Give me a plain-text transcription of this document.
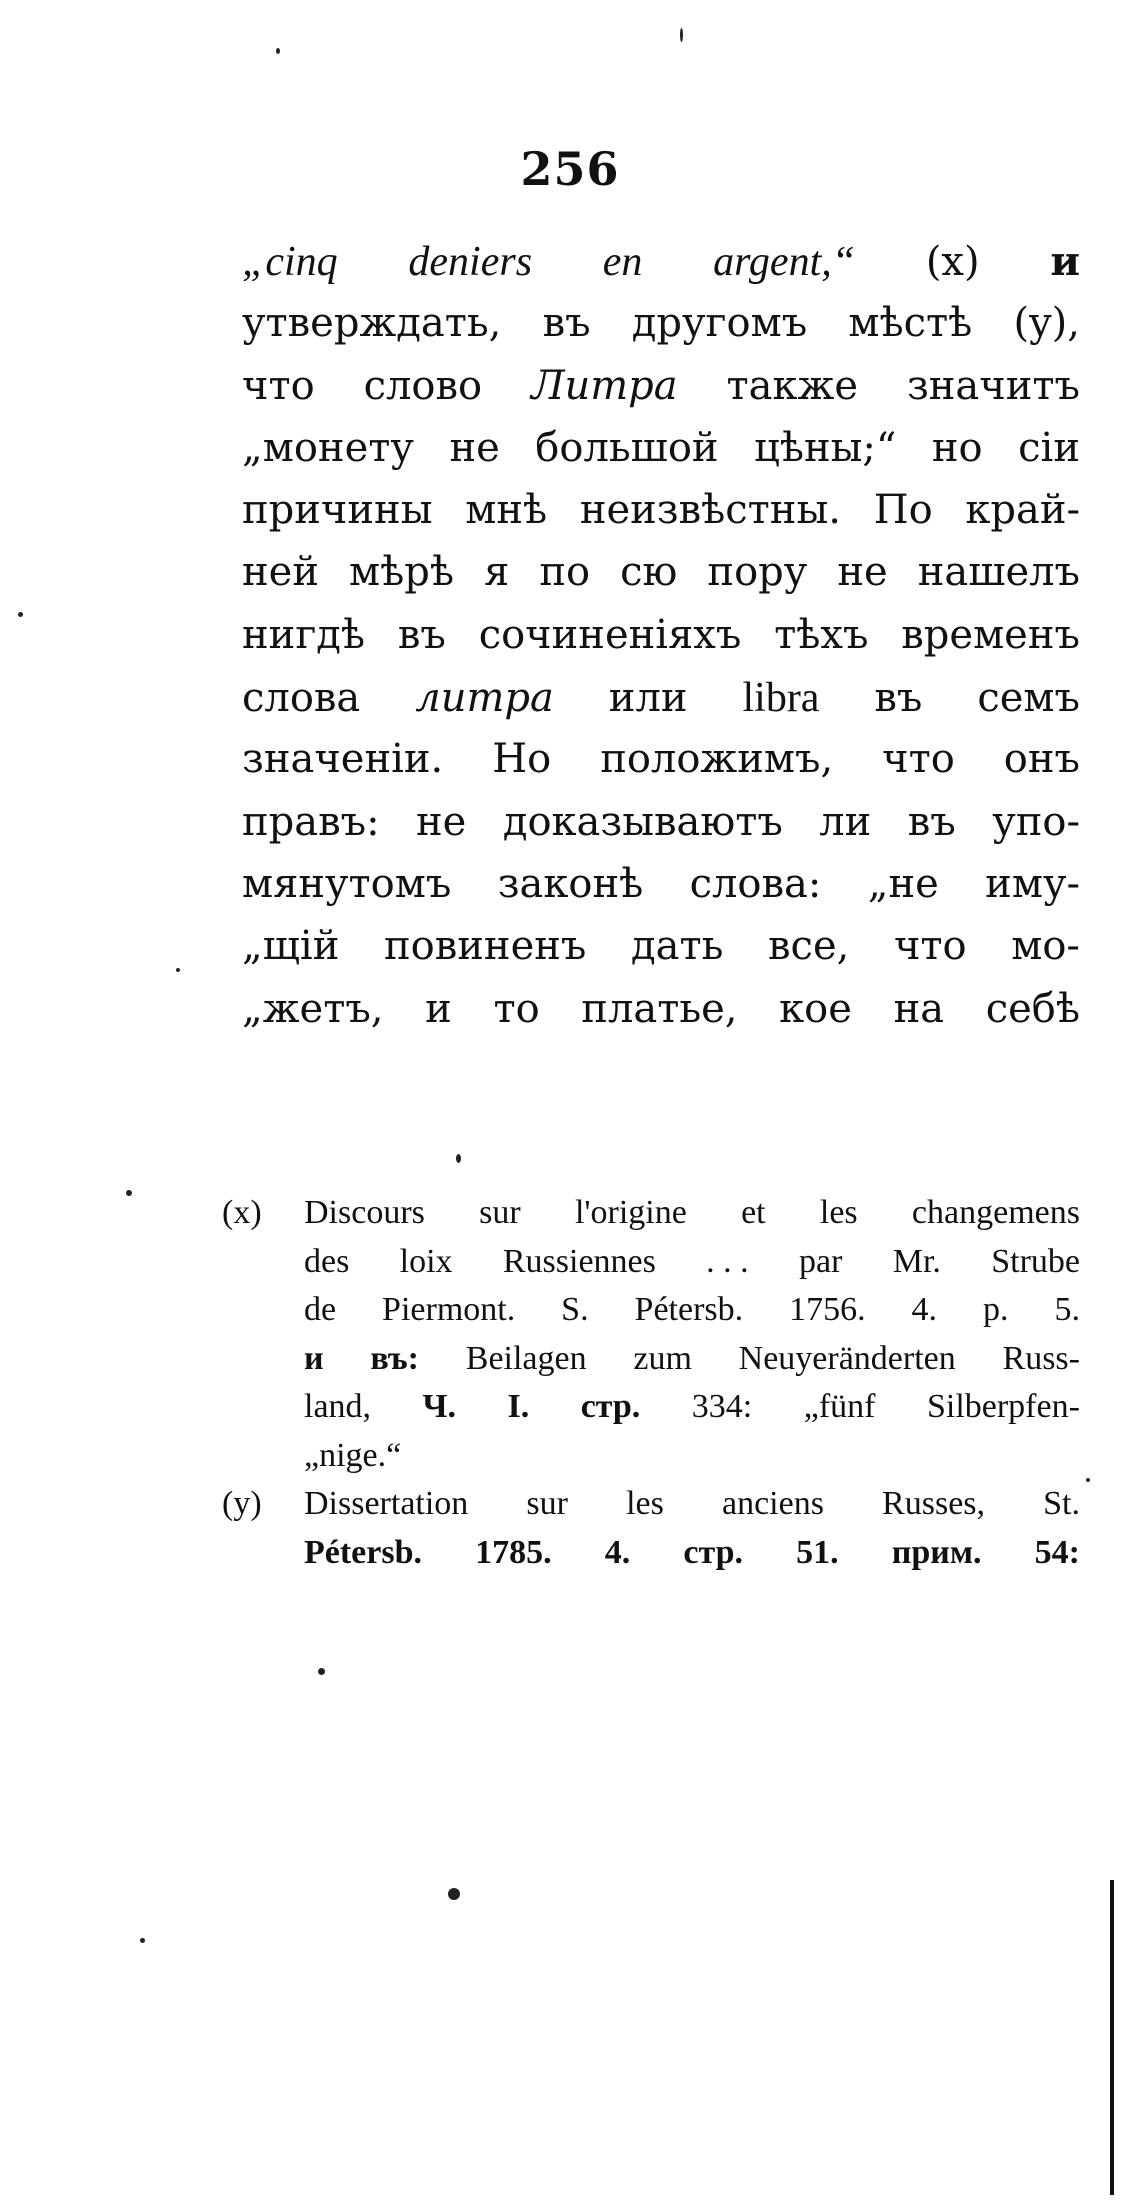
256
„cinq deniers en argent,“ (x) и
утверждать, въ другомъ мѣстѣ (y),
что слово Литра также значитъ
„монету не большой цѣны;“ но сіи
причины мнѣ неизвѣстны. По край-
ней мѣрѣ я по сю пору не нашелъ
нигдѣ въ сочиненіяхъ тѣхъ временъ
слова литра или libra въ семъ
значеніи. Но положимъ, что онъ
правъ: не доказываютъ ли въ упо-
мянутомъ законѣ слова: „не иму-
„щій повиненъ дать все, что мо-
„жетъ, и то платье, кое на себѣ
(x)	Discours sur l'origine et les changemens
des loix Russiennes . . . par Mr. Strube
de Piermont. S. Pétersb. 1756. 4. p. 5.
и въ: Beilagen zum Neuyeränderten Russ-
land, Ч. I. стр. 334: „fünf Silberpfen-
„nige.“
(y)	Dissertation sur les anciens Russes, St.
Pétersb. 1785. 4. стр. 51. прим. 54:
